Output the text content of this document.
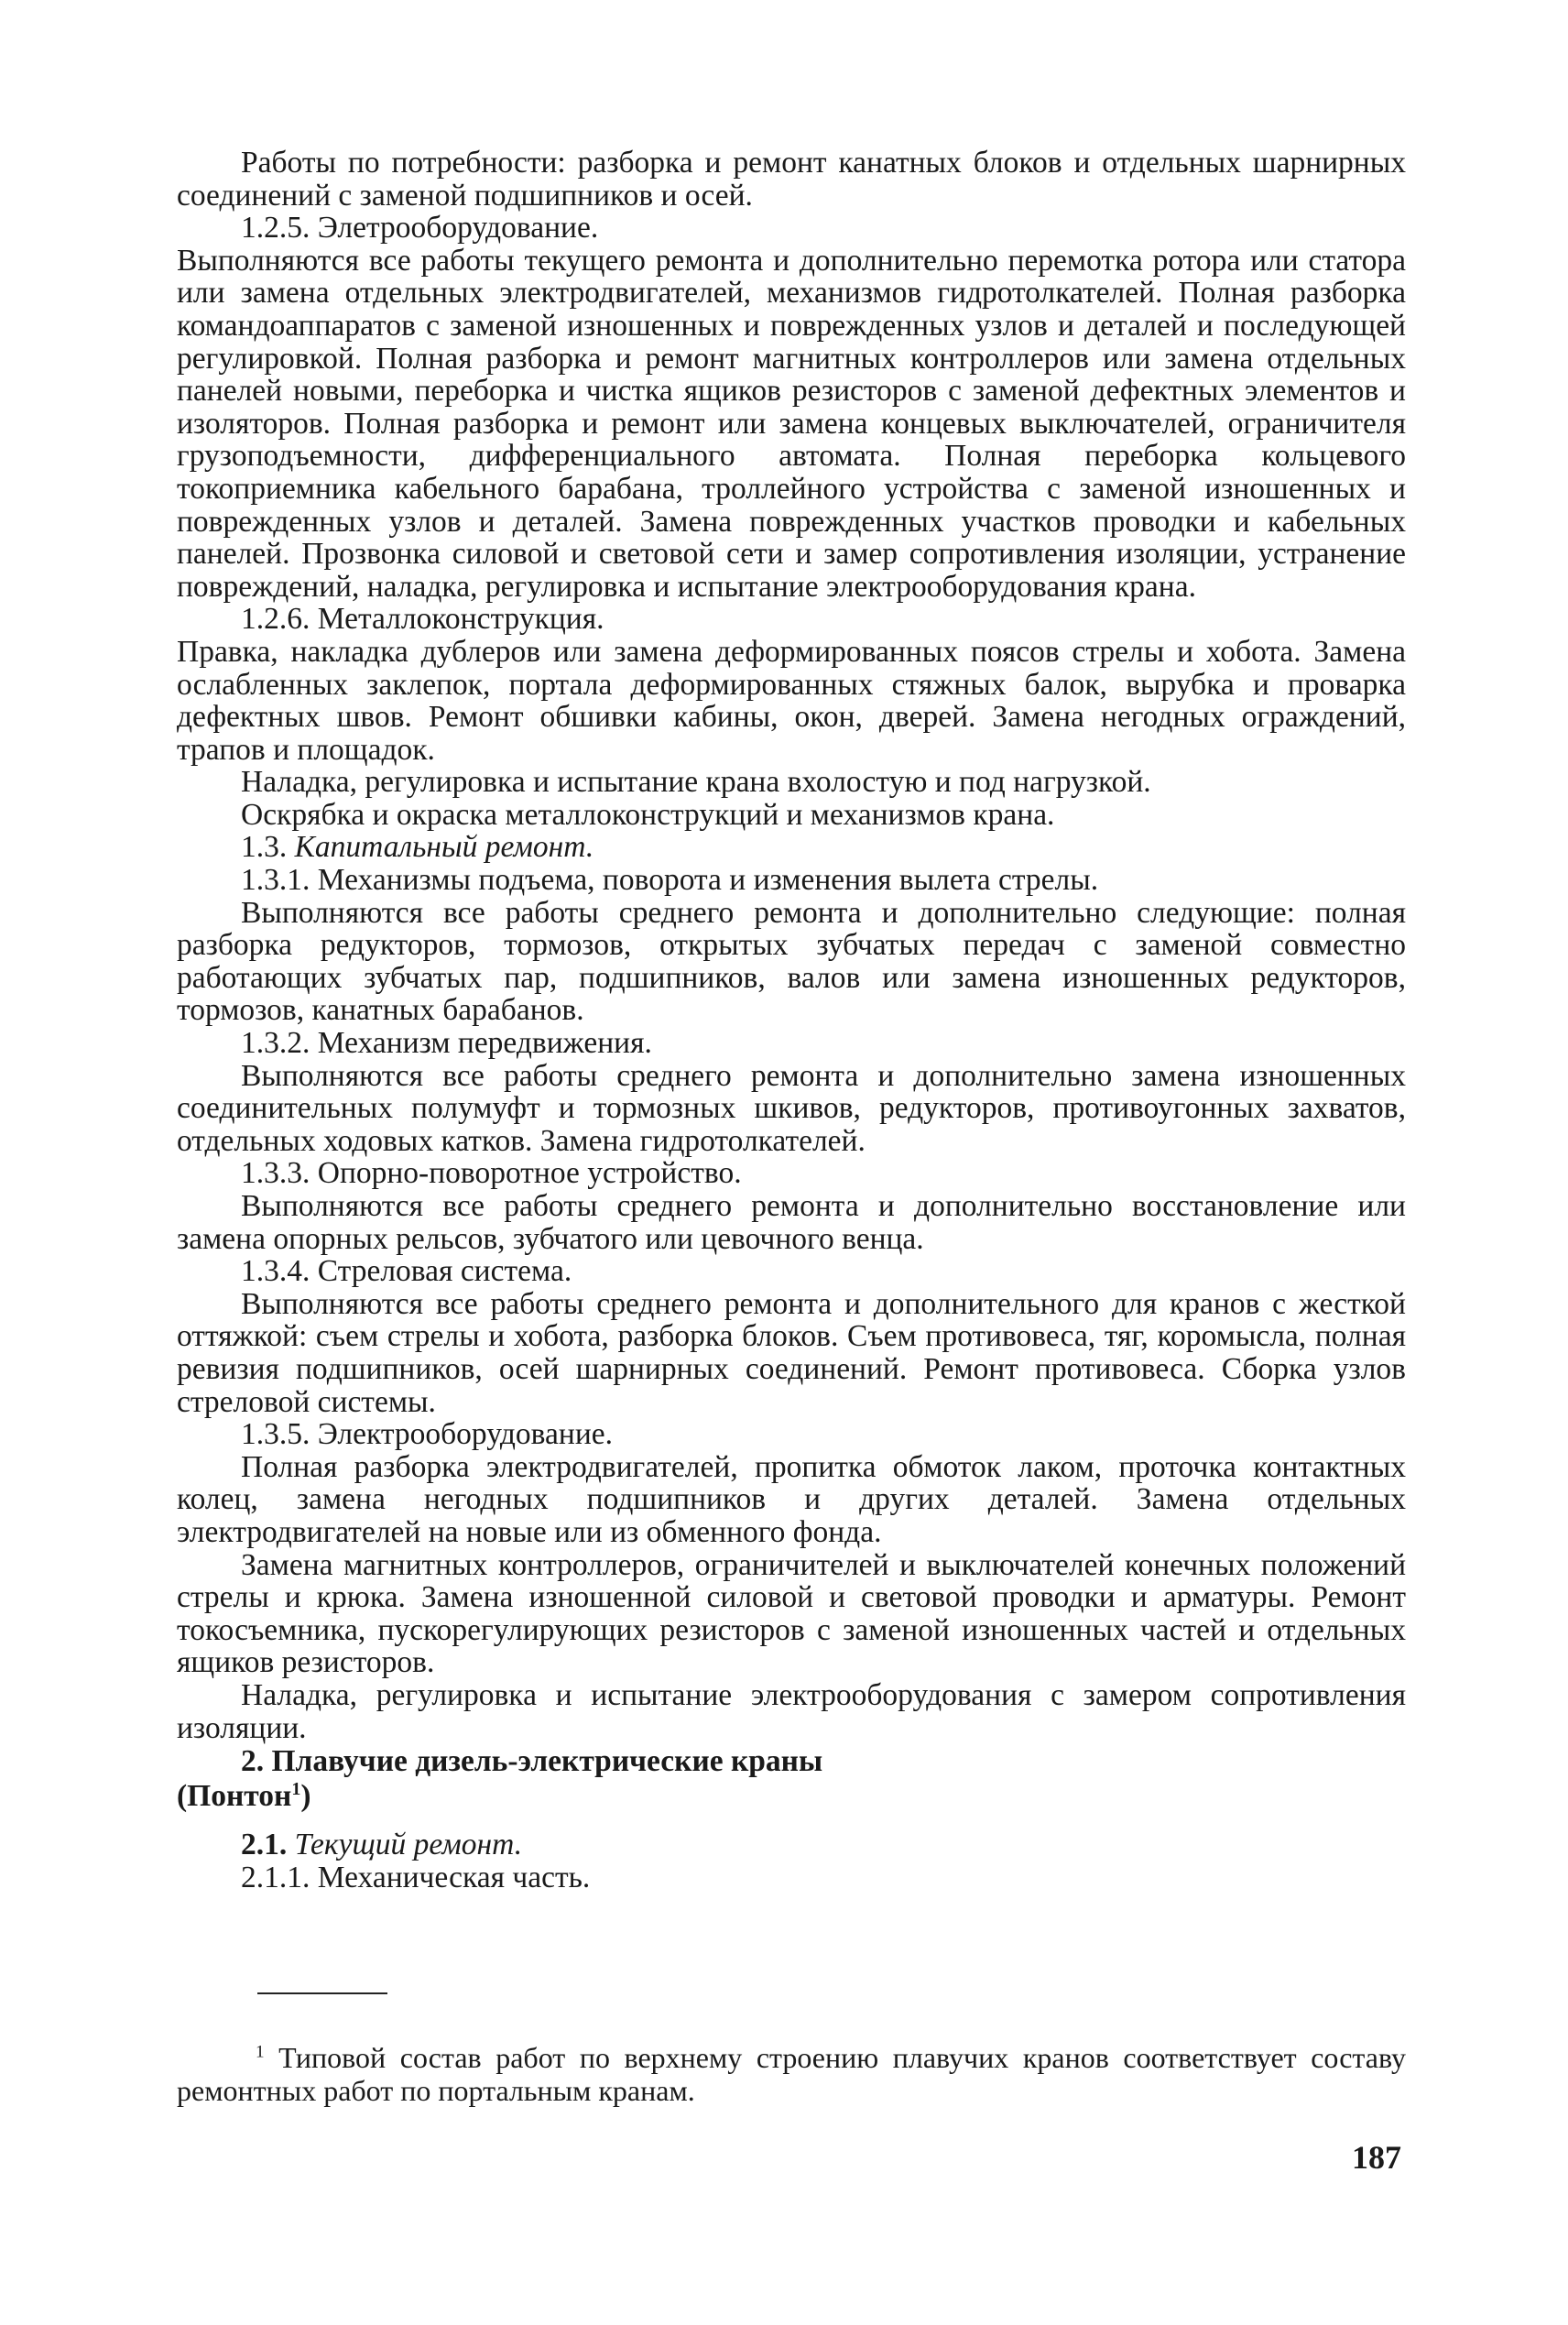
Работы по потребности: разборка и ремонт канатных блоков и отдельных шарнирных соединений с заменой подшипников и осей.

1.2.5. Элетрооборудование.

Выполняются все работы текущего ремонта и дополнительно перемотка ротора или статора или замена отдельных электродвигателей, механизмов гидротолкателей. Полная разборка командоаппаратов с заменой изношенных и поврежденных узлов и деталей и последующей регулировкой. Полная разборка и ремонт магнитных контроллеров или замена отдельных панелей новыми, переборка и чистка ящиков резисторов с заменой дефектных элементов и изоляторов. Полная разборка и ремонт или замена концевых выключателей, ограничителя грузоподъемности, дифференциального автомата. Полная переборка кольцевого токоприемника кабельного барабана, троллейного устройства с заменой изношенных и поврежденных узлов и деталей. Замена поврежденных участков проводки и кабельных панелей. Прозвонка силовой и световой сети и замер сопротивления изоляции, устранение повреждений, наладка, регулировка и испытание электрооборудования крана.

1.2.6. Металлоконструкция.

Правка, накладка дублеров или замена деформированных поясов стрелы и хобота. Замена ослабленных заклепок, портала деформированных стяжных балок, вырубка и проварка дефектных швов. Ремонт обшивки кабины, окон, дверей. Замена негодных ограждений, трапов и площадок.

Наладка, регулировка и испытание крана вхолостую и под нагрузкой.

Оскрябка и окраска металлоконструкций и механизмов крана.

1.3. Капитальный ремонт.

1.3.1. Механизмы подъема, поворота и изменения вылета стрелы.

Выполняются все работы среднего ремонта и дополнительно следующие: полная разборка редукторов, тормозов, открытых зубчатых передач с заменой совместно работающих зубчатых пар, подшипников, валов или замена изношенных редукторов, тормозов, канатных барабанов.

1.3.2. Механизм передвижения.

Выполняются все работы среднего ремонта и дополнительно замена изношенных соединительных полумуфт и тормозных шкивов, редукторов, противоугонных захватов, отдельных ходовых катков. Замена гидротолкателей.

1.3.3. Опорно-поворотное устройство.

Выполняются все работы среднего ремонта и дополнительно восстановление или замена опорных рельсов, зубчатого или цевочного венца.

1.3.4. Стреловая система.

Выполняются все работы среднего ремонта и дополнительного для кранов с жесткой оттяжкой: съем стрелы и хобота, разборка блоков. Съем противовеса, тяг, коромысла, полная ревизия подшипников, осей шарнирных соединений. Ремонт противовеса. Сборка узлов стреловой системы.

1.3.5. Электрооборудование.

Полная разборка электродвигателей, пропитка обмоток лаком, проточка контактных колец, замена негодных подшипников и других деталей. Замена отдельных электродвигателей на новые или из обменного фонда.

Замена магнитных контроллеров, ограничителей и выключателей конечных положений стрелы и крюка. Замена изношенной силовой и световой проводки и арматуры. Ремонт токосъемника, пускорегулирующих резисторов с заменой изношенных частей и отдельных ящиков резисторов.

Наладка, регулировка и испытание электрооборудования с замером сопротивления изоляции.

2. Плавучие дизель-электрические краны
(Понтон$^1$)

2.1. Текущий ремонт.

2.1.1. Механическая часть.

$^1$ Типовой состав работ по верхнему строению плавучих кранов соответствует составу ремонтных работ по портальным кранам.

187
